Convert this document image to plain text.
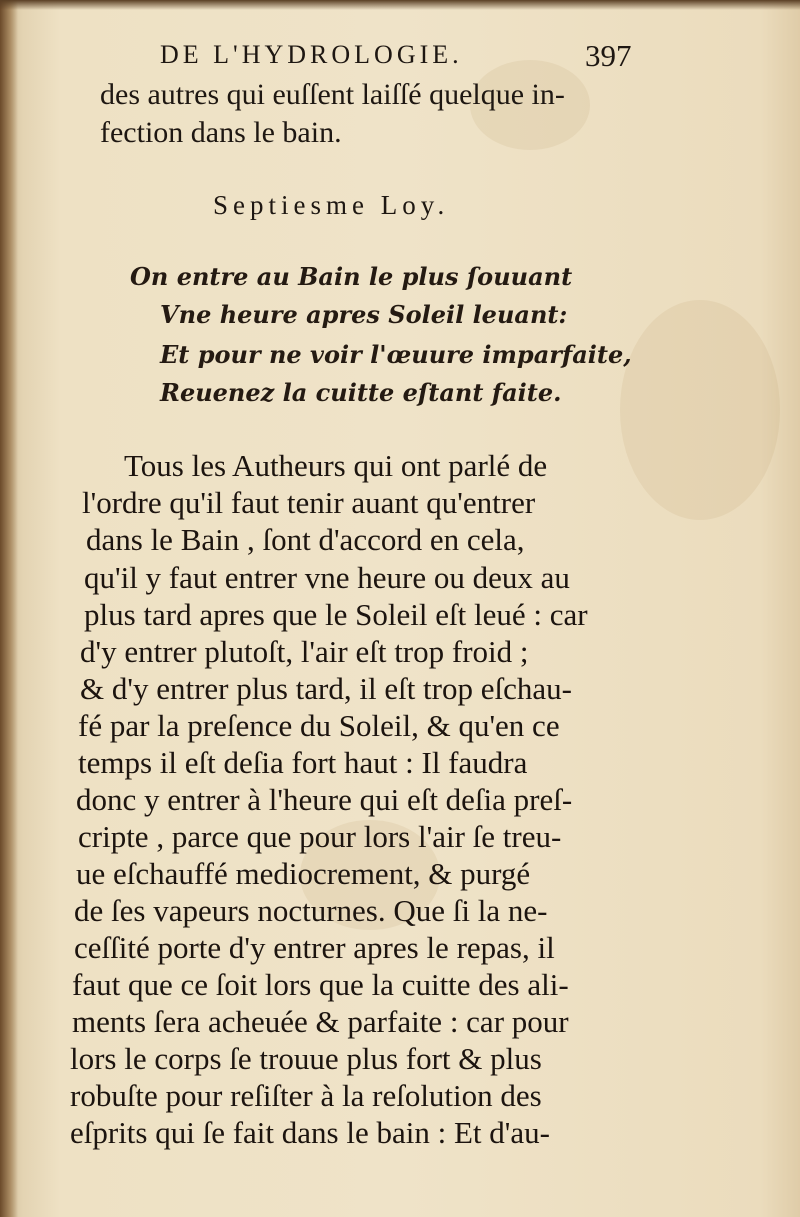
DE L'HYDROLOGIE.	397
des autres qui euſſent laiſſé quelque in-
fection dans le bain.
Septiesme Loy.
On entre au Bain le plus ſouuant
Vne heure apres Soleil leuant:
Et pour ne voir l'œuure imparfaite,
Reuenez la cuitte eſtant faite.
Tous les Autheurs qui ont parlé de
l'ordre qu'il faut tenir auant qu'entrer
dans le Bain , ſont d'accord en cela,
qu'il y faut entrer vne heure ou deux au
plus tard apres que le Soleil eſt leué : car
d'y entrer plutoſt, l'air eſt trop froid ;
& d'y entrer plus tard, il eſt trop eſchau-
fé par la preſence du Soleil, & qu'en ce
temps il eſt deſia fort haut : Il faudra
donc y entrer à l'heure qui eſt deſia preſ-
cripte , parce que pour lors l'air ſe treu-
ue eſchauffé mediocrement, & purgé
de ſes vapeurs nocturnes. Que ſi la ne-
ceſſité porte d'y entrer apres le repas, il
faut que ce ſoit lors que la cuitte des ali-
ments ſera acheuée & parfaite : car pour
lors le corps ſe trouue plus fort & plus
robuſte pour reſiſter à la reſolution des
eſprits qui ſe fait dans le bain : Et d'au-
